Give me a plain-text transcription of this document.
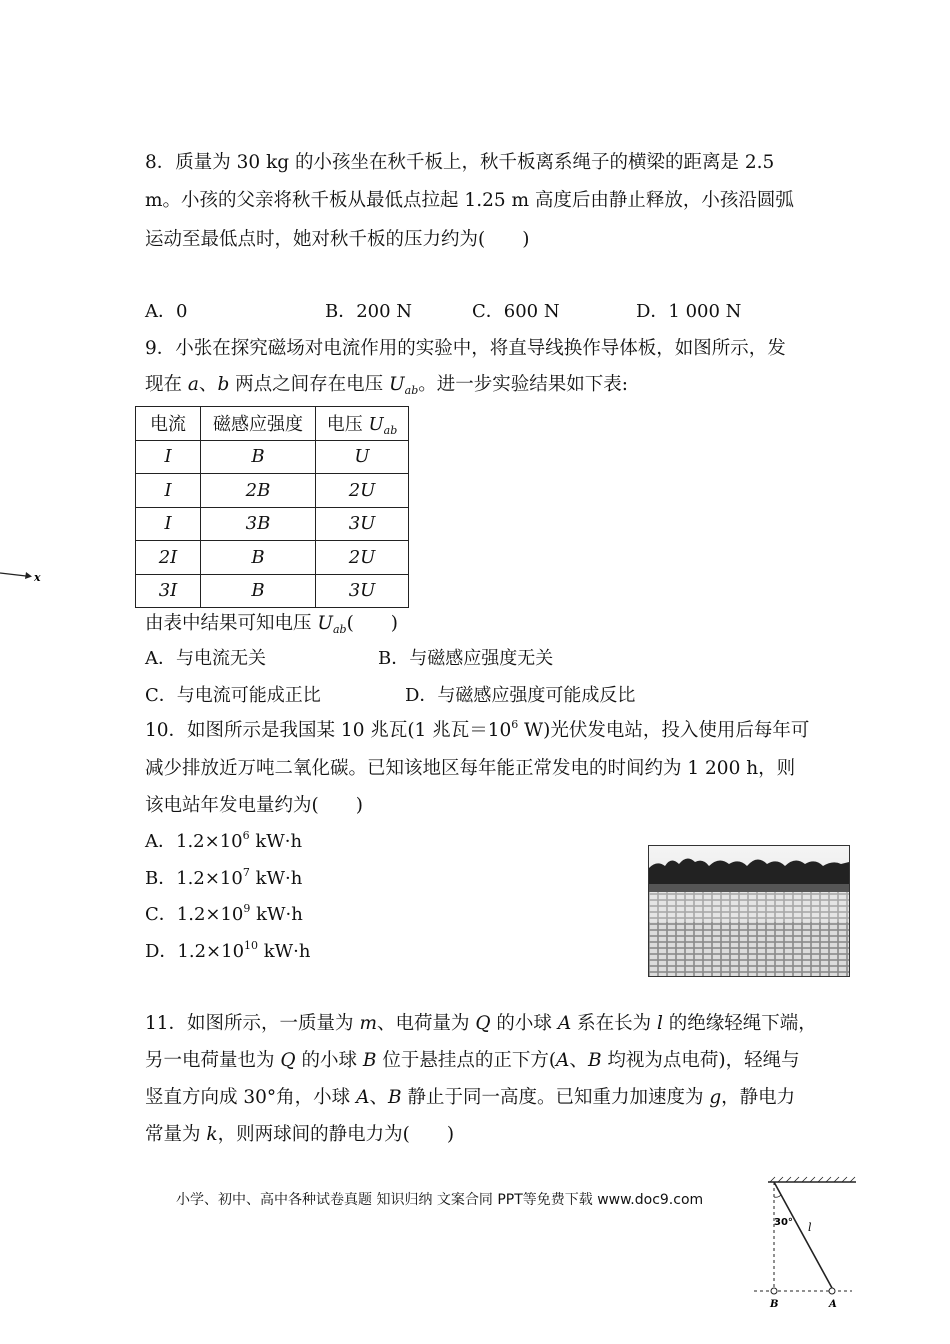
8．质量为 30 kg 的小孩坐在秋千板上，秋千板离系绳子的横梁的距离是 2.5
m。小孩的父亲将秋千板从最低点拉起 1.25 m 高度后由静止释放，小孩沿圆弧
运动至最低点时，她对秋千板的压力约为(　　)
A．0	B．200 N	C．600 N	D．1 000 N
9．小张在探究磁场对电流作用的实验中，将直导线换作导体板，如图所示，发
现在 a、b 两点之间存在电压 $U_{ab}$。进一步实验结果如下表:
电流	磁感应强度	电压 $U_{ab}$
I	B	U
I	2B	2U
I	3B	3U
2I	B	2U
3I	B	3U
x
由表中结果可知电压 $U_{ab}$(　　)
A．与电流无关	B．与磁感应强度无关
C．与电流可能成正比	D．与磁感应强度可能成反比
10．如图所示是我国某 10 兆瓦(1 兆瓦$=10^6$ W)光伏发电站，投入使用后每年可
减少排放近万吨二氧化碳。已知该地区每年能正常发电的时间约为 1 200 h，则
该电站年发电量约为(　　)
A．$1.2\times 10^6$ kW·h
B．$1.2\times 10^7$ kW·h
C．$1.2\times 10^9$ kW·h
D．$1.2\times 10^{10}$ kW·h
11．如图所示，一质量为 m、电荷量为 Q 的小球 A 系在长为 l 的绝缘轻绳下端，
另一电荷量也为 Q 的小球 B 位于悬挂点的正下方(A、B 均视为点电荷)，轻绳与
竖直方向成 30°角，小球 A、B 静止于同一高度。已知重力加速度为 g，静电力
常量为 k，则两球间的静电力为(　　)
小学、初中、高中各种试卷真题 知识归纳 文案合同 PPT等免费下载 www.doc9.com
30° l
B	A
